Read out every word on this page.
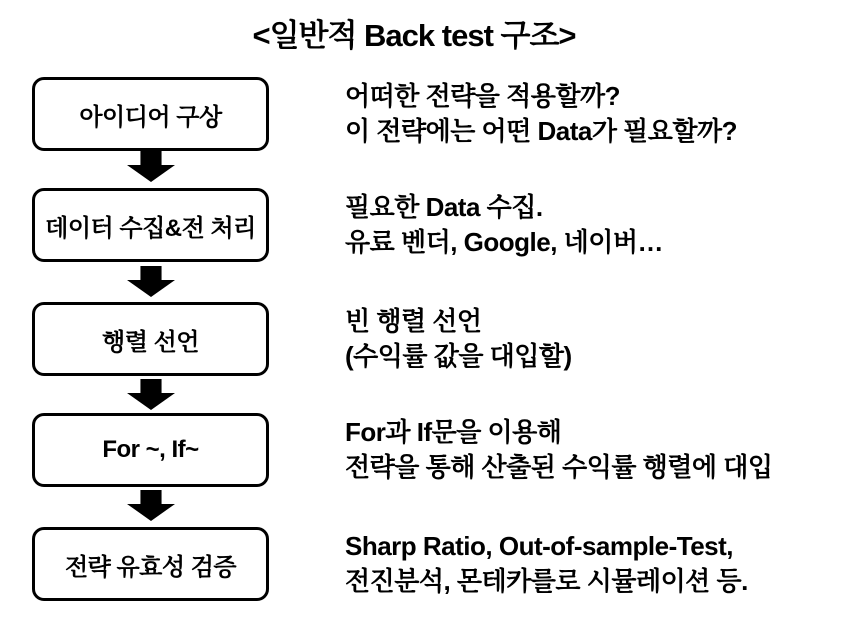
<일반적 Back test 구조>
아이디어 구상
어떠한 전략을 적용할까?
이 전략에는 어떤 Data가 필요할까?
데이터 수집&전 처리
필요한 Data 수집.
유료 벤더, Google, 네이버…
행렬 선언
빈 행렬 선언
(수익률 값을 대입할)
For ~, If~
For과 If문을 이용해
전략을 통해 산출된 수익률 행렬에 대입
전략 유효성 검증
Sharp Ratio, Out-of-sample-Test,
전진분석, 몬테카를로 시뮬레이션 등.
